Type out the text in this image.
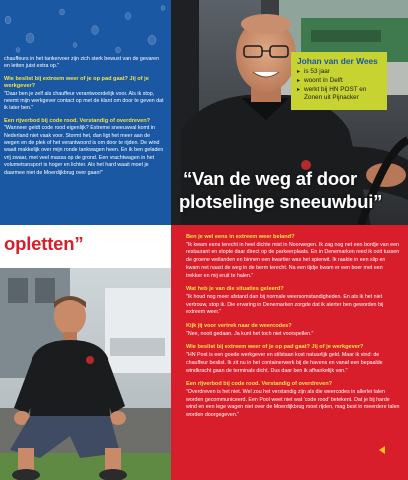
chauffeurs in het tankervoer zijn zich sterk bewust van de gevaren en letten juist extra op."

Wie beslist bij extreem weer of je op pad gaat? Jij of je werkgever?

"Daar ben je zelf als chauffeur verantwoordelijk voor. Als ik stop, neemt mijn werkgever contact op met de klant om door te geven dat ik later ben."

Een rijverbod bij code rood. Verstandig of overdreven?

"Wanneer geldt code rood eigenlijk? Extreme sneeuwval komt in Nederland niet vaak voor. Stormt het, dan ligt het meer aan de wegen en de plek of het verantwoord is om door te rijden. De wind waait makkelijk over mijn ronde tankwagen heen. En ik ben geladen vrij zwaar, met veel massa op de grond. Een vrachtwagen in het volumetransport is hoger en lichter. Als het hard waait moet je daarmee niet de Moerdijkbrug over gaan!"

Johan van der Wees
▸ is 53 jaar
▸ woont in Delft
▸ werkt bij HN POST en Zonen uit Pijnacker
“Van de weg af door
plotselinge sneeuwbui”
opletten”	Ben je wel eens in extreem weer beland?

"Ik kwam eens terecht in heel dichte mist in Noorwegen. Ik zag nog net een bordje van een restaurant en stopte daar direct op de parkeerplaats. En in Denemarken reed ik ooit tussen de groene weilanden en binnen een kwartier was het spierwit. Ik raakte in een slip en kwam net naast de weg in de berm terecht. Na een tijdje kwam er een boer met een trekker en mij eruit te halen."

Wat heb je van die situaties geleerd?

"Ik houd nog meer afstand dan bij normale weersomstandigheden. En als ik het niet vertrouw, stop ik. Die ervaring in Denemarken zorgde dat ik alerter ben geworden bij extreem weer."

Kijk jij voor vertrek naar de weercodes?

"Nee, nooit gedaan. Ja kunt het toch niet voorspellen."

Wie beslist bij extreem weer of je op pad gaat? Jij of je werkgever?

"HN Post is een goede werkgever en stilstaan kost natuurlijk geld. Maar ik vind: de chauffeur beslist. Ik zit nu in het containerwerk bij de havens en vanaf een bepaalde windkracht gaan de terminals dicht. Dus daar ben ik afhankelijk van."

Een rijverbod bij code rood. Verstandig of overdreven?

"Overdreven is het niet. Wel zou het verstandig zijn als die weercodes in allerlei talen worden gecommuniceerd. Een Pool weet niet wat 'code rood' betekent. Dat je bij harde wind en een lege wagen niet over de Moerdijkbrug moet rijden, mag best in meerdere talen worden doorgegeven."
